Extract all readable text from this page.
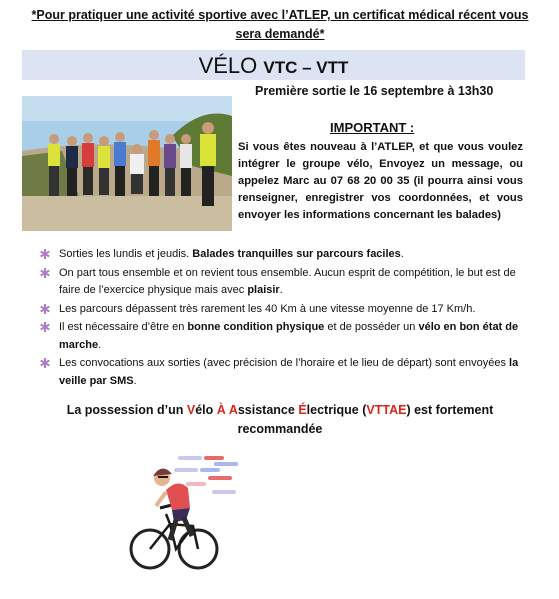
*Pour pratiquer une activité sportive avec l’ATLEP, un certificat médical récent vous sera demandé*
VÉLO VTC – VTT
Première sortie le 16 septembre à 13h30
IMPORTANT :
Si vous êtes nouveau à l’ATLEP, et que vous voulez intégrer le groupe vélo, Envoyez un message, ou appelez Marc au 07 68 20 00 35 (il pourra ainsi vous renseigner, enregistrer vos coordonnées, et vous envoyer les informations concernant les balades)
Sorties les lundis et jeudis. Balades tranquilles sur parcours faciles.
On part tous ensemble et on revient tous ensemble. Aucun esprit de compétition, le but est de faire de l’exercice physique mais avec plaisir.
Les parcours dépassent très rarement les 40 Km à une vitesse moyenne de 17 Km/h.
Il est nécessaire d’être en bonne condition physique et de posséder un vélo en bon état de marche.
Les convocations aux sorties (avec précision de l’horaire et le lieu de départ) sont envoyées la veille par SMS.
La possession d’un Vélo À Assistance Électrique (VTTAE) est fortement recommandée
